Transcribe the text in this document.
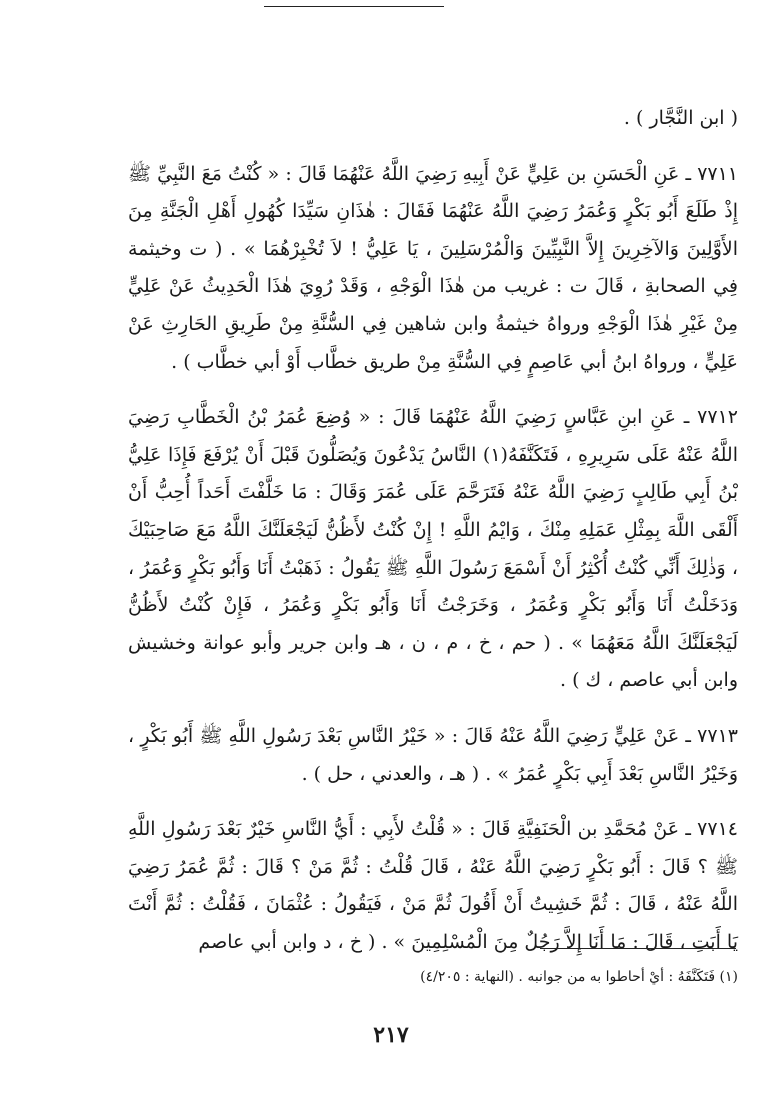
( ابن النَّجَّار ) .

٧٧١١ ـ عَنِ الْحَسَنِ بن عَلِيٍّ عَنْ أَبِيهِ رَضِيَ اللَّهُ عَنْهُمَا قَالَ : « كُنْتُ مَعَ النَّبِيِّ ﷺ إِذْ طَلَعَ أَبُو بَكْرٍ وَعُمَرُ رَضِيَ اللَّهُ عَنْهُمَا فَقَالَ : هٰذَانِ سَيِّدَا كُهُولِ أَهْلِ الْجَنَّةِ مِنَ الأَوَّلِينَ وَالآخِرِينَ إِلاَّ النَّبِيِّينَ وَالْمُرْسَلِينَ ، يَا عَلِيُّ ! لاَ تُخْبِرْهُمَا » . ( ت وخيثمة فِي الصحابةِ ، قَالَ ت : غريب من هٰذَا الْوَجْهِ ، وَقَدْ رُوِيَ هٰذَا الْحَدِيثُ عَنْ عَلِيٍّ مِنْ غَيْرِ هٰذَا الْوَجْهِ ورواهُ خيثمةُ وابن شاهين فِي السُّنَّةِ مِنْ طَرِيقِ الحَارِثِ عَنْ عَلِيٍّ ، ورواهُ ابنُ أبي عَاصِمٍ فِي السُّنَّةِ مِنْ طريق خطَّاب أَوْ أبي خطَّاب ) .

٧٧١٢ ـ عَنِ ابنِ عَبَّاسٍ رَضِيَ اللَّهُ عَنْهُمَا قَالَ : « وُضِعَ عُمَرُ بْنُ الْخَطَّابِ رَضِيَ اللَّهُ عَنْهُ عَلَى سَرِيرِهِ ، فَتَكَنَّفَهُ(١) النَّاسُ يَدْعُونَ وَيُصَلُّونَ قَبْلَ أَنْ يُرْفَعَ فَإِذَا عَلِيُّ بْنُ أَبِي طَالِبٍ رَضِيَ اللَّهُ عَنْهُ فَتَرَحَّمَ عَلَى عُمَرَ وَقَالَ : مَا خَلَّفْتَ أَحَداً أُحِبُّ أَنْ أَلْقَى اللَّهَ بِمِثْلِ عَمَلِهِ مِنْكَ ، وَايْمُ اللَّهِ ! إِنْ كُنْتُ لأَظُنُّ لَيَجْعَلَنَّكَ اللَّهُ مَعَ صَاحِبَيْكَ ، وَذٰلِكَ أَنِّي كُنْتُ أُكْثِرُ أَنْ أَسْمَعَ رَسُولَ اللَّهِ ﷺ يَقُولُ : ذَهَبْتُ أَنَا وَأَبُو بَكْرٍ وَعُمَرُ ، وَدَخَلْتُ أَنَا وَأَبُو بَكْرٍ وَعُمَرُ ، وَخَرَجْتُ أَنَا وَأَبُو بَكْرٍ وَعُمَرُ ، فَإِنْ كُنْتُ لأَظُنُّ لَيَجْعَلَنَّكَ اللَّهُ مَعَهُمَا » . ( حم ، خ ، م ، ن ، هـ وابن جرير وأبو عوانة وخشيش وابن أبي عاصم ، ك ) .

٧٧١٣ ـ عَنْ عَلِيٍّ رَضِيَ اللَّهُ عَنْهُ قَالَ : « خَيْرُ النَّاسِ بَعْدَ رَسُولِ اللَّهِ ﷺ أَبُو بَكْرٍ ، وَخَيْرُ النَّاسِ بَعْدَ أَبِي بَكْرٍ عُمَرُ » . ( هـ ، والعدني ، حل ) .

٧٧١٤ ـ عَنْ مُحَمَّدِ بن الْحَنَفِيَّةِ قَالَ : « قُلْتُ لأَبِي : أَيُّ النَّاسِ خَيْرٌ بَعْدَ رَسُولِ اللَّهِ ﷺ ؟ قَالَ : أَبُو بَكْرٍ رَضِيَ اللَّهُ عَنْهُ ، قَالَ قُلْتُ : ثُمَّ مَنْ ؟ قَالَ : ثُمَّ عُمَرُ رَضِيَ اللَّهُ عَنْهُ ، قَالَ : ثُمَّ خَشِيتُ أَنْ أَقُولَ ثُمَّ مَنْ ، فَيَقُولُ : عُثْمَانَ ، فَقُلْتُ : ثُمَّ أَنْتَ يَا أَبَتِ ، قَالَ : مَا أَنَا إِلاَّ رَجُلٌ مِنَ الْمُسْلِمِينَ » . ( خ ، د وابن أبي عاصم

(١) فَتَكَنَّفَهُ : أيْ أحاطوا به من جوانبه . (النهاية : ٤/٢٠٥)
٢١٧
